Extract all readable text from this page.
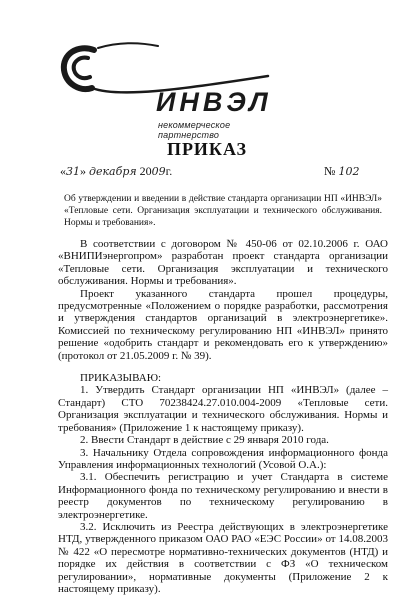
ИНВЭЛ
некоммерческое партнерство
ПРИКАЗ
«31» декабря 2009г.	№ 102
Об утверждении и введении в действие стандарта организации НП «ИНВЭЛ» «Тепловые сети. Организация эксплуатации и технического обслуживания. Нормы и требования».

В соответствии с договором № 450-06 от 02.10.2006 г. ОАО «ВНИПИэнергопром» разработан проект стандарта организации «Тепловые сети. Организация эксплуатации и технического обслуживания. Нормы и требования».

Проект указанного стандарта прошел процедуры, предусмотренные «Положением о порядке разработки, рассмотрения и утверждения стандартов организаций в электроэнергетике». Комиссией по техническому регулированию НП «ИНВЭЛ» принято решение «одобрить стандарт и рекомендовать его к утверждению» (протокол от 21.05.2009 г. № 39).

ПРИКАЗЫВАЮ:

1. Утвердить Стандарт организации НП «ИНВЭЛ» (далее – Стандарт) СТО 70238424.27.010.004-2009 «Тепловые сети. Организация эксплуатации и технического обслуживания. Нормы и требования» (Приложение 1 к настоящему приказу).

2. Ввести Стандарт в действие с 29 января 2010 года.

3. Начальнику Отдела сопровождения информационного фонда Управления информационных технологий (Усовой О.А.):

3.1. Обеспечить регистрацию и учет Стандарта в системе Информационного фонда по техническому регулированию и внести в реестр документов по техническому регулированию в электроэнергетике.

3.2. Исключить из Реестра действующих в электроэнергетике НТД, утвержденного приказом ОАО РАО «ЕЭС России» от 14.08.2003 № 422 «О пересмотре нормативно-технических документов (НТД) и порядке их действия в соответствии с ФЗ «О техническом регулировании», нормативные документы (Приложение 2 к настоящему приказу).
